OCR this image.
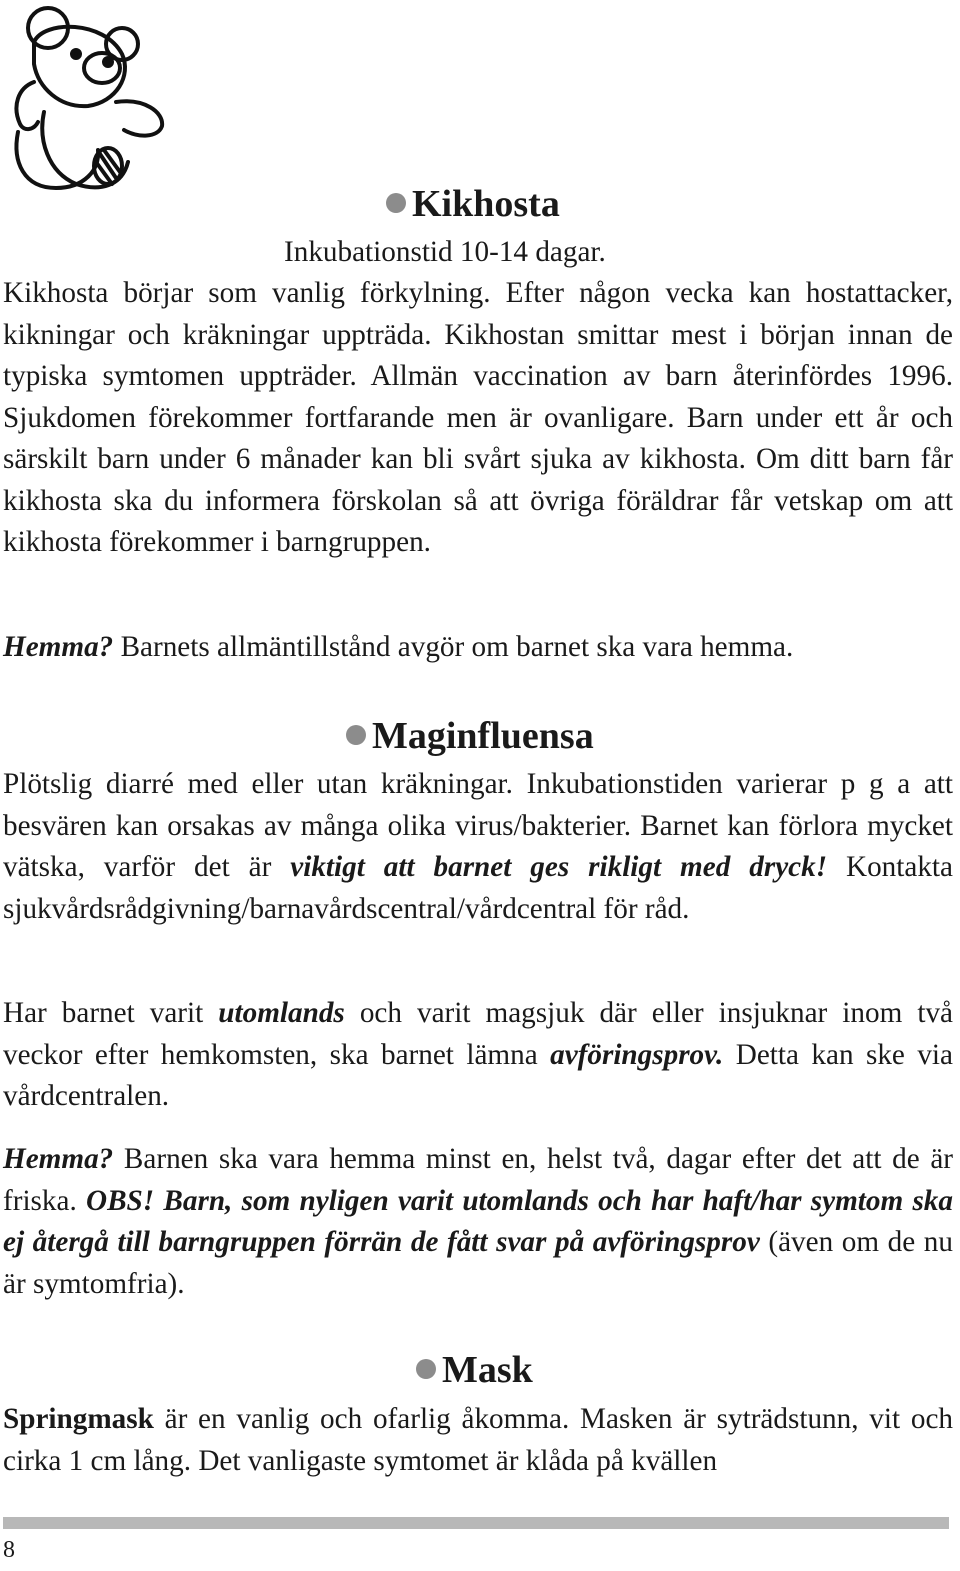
Kikhosta
Inkubationstid 10-14 dagar.
Kikhosta börjar som vanlig förkylning. Efter någon vecka kan hostattacker, kikningar och kräkningar uppträda. Kikhostan smittar mest i början innan de typiska symtomen uppträder. Allmän vaccination av barn återinfördes 1996. Sjukdomen förekommer fortfarande men är ovanligare. Barn under ett år och särskilt barn under 6 månader kan bli svårt sjuka av kikhosta. Om ditt barn får kikhosta ska du informera förskolan så att övriga föräldrar får vetskap om att kikhosta förekommer i barngruppen.
Hemma? Barnets allmäntillstånd avgör om barnet ska vara hemma.
Maginfluensa
Plötslig diarré med eller utan kräkningar. Inkubationstiden varierar p g a att besvären kan orsakas av många olika virus/bakterier. Barnet kan förlora mycket vätska, varför det är viktigt att barnet ges rikligt med dryck! Kontakta sjukvårdsrådgivning/barnavårdscentral/vårdcentral för råd.
Har barnet varit utomlands och varit magsjuk där eller insjuknar inom två veckor efter hemkomsten, ska barnet lämna avföringsprov. Detta kan ske via vårdcentralen.
Hemma? Barnen ska vara hemma minst en, helst två, dagar efter det att de är friska. OBS! Barn, som nyligen varit utomlands och har haft/har symtom ska ej återgå till barngruppen förrän de fått svar på avföringsprov (även om de nu är symtomfria).
Mask
Springmask är en vanlig och ofarlig åkomma. Masken är syträdstunn, vit och cirka 1 cm lång. Det vanligaste symtomet är klåda på kvällen
8
